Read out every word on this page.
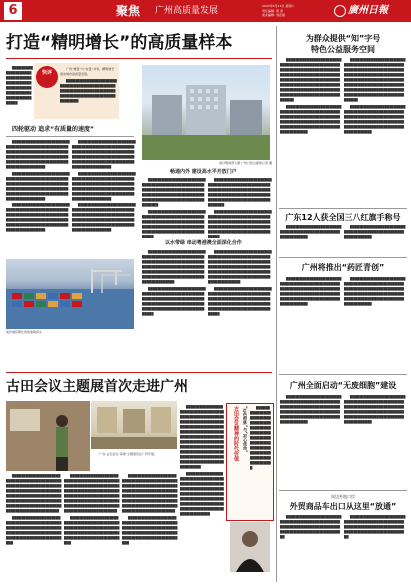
6	聚焦 广州高质量发展	2023年5月13日 星期六
责任编辑: 黄 清
美术编辑: 刘若丽	廣州日報
打造“精明增长”的高质量样本
快评

广州“增量”与“存量”并举，精明增长推动城市高质量发展。

██████████████████████████████████████████████████████████████████████████████████████████████████████

████████████████████████████████████████████████████████████████████████████████

四轮驱动 追求“有质量的速度”
南沙明珠湾大厦 广州日报全媒体记者 摄

██████████████████████████████████████████████████████████████████████████████████████████████████████████████████████████████████████████████████████

██████████████████████████████████████████████████████████████████████████████████████████████████████████████████████████████████████████████████████

██████████████████████████████████████████████████████████████████████████████████████████████████████████████████████████████████████████████████████

██████████████████████████████████████████████████████████████████████████████████████████████████████████████████████████████████████████████████████

██████████████████████████████████████████████████████████████████████████████████████████████████████████████████████████████████████████████████████

██████████████████████████████████████████████████████████████████████████████████████████████████████████████████████████████████████████████████████

畅通内外 建设高水平开放门户

████████████████████████████████████████████████████████████████████████████████████████████████████████████████████████████████████████████

██████████████████████████████████████████████████████████████████████████████████████████████████████████████████████████████████████████

████████████████████████████████████████████████████████████████████████████████████████████████████████████████████████████████████████████

██████████████████████████████████████████████████████████████████████████████████████████████████████████████████████████████████████████

以水带绿 串动粤港澳全面深化合作

██████████████████████████████████████████████████████████████████████████████████████████████████████████████████████████████████████████████████████████████████████████████

██████████████████████████████████████████████████████████████████████████████████████████████████████████████████████████████████████████

██████████████████████████████████████████████████████████████████████████████████████████████████████████████████████████████████████████████████████████████████████████████

██████████████████████████████████████████████████████████████████████████████████████████████████████████████████████████████████████████

南沙港区繁忙的集装箱码头
古田会议主题展首次走进广州

“广东·古田会议·铸魂”主题展览在广州开展。

████████████████████████████████████████████████████████████████████████████████████████████████████████████████████████████████████████████████████████████████████████████████████████████

████████████████████████████████████████████████████████████████████████████████████████████████████████████████████████

████████████████████████████████████████████████████████████████████████████████████████████████████████████████████████████████████████████████████████████████████████████████████████████

████████████████████████████████████████████████████████████████████████████████████████████████████████████████████████

████████████████████████████████████████████████████████████████████████████████████████████████████████████████████████████████████████████████████████████████████████████████████████████

████████████████████████████████████████████████████████████████████████████████████████████████████████████████████████

██████████████████████████████████████████████████████████████████████████████████████████████████████████████████████████████████████████████████████████████████████████████████████████████████████████████████████████████████████████

██████████████████████████████████████████████████████████████████████████████████████████████████████████████████████████████████████████████████████████████████

古田会议精神的时代价值	“红色根脉”与“初心使命”	██████████████████████████████████████████████████████████████████████████████████████████████████████████

为群众提供“知”字号
特色公益服务空间

████████████████████████████████████████████████████████████████████████████████████████████████████████████████████████████████████████████████████████████████████████████████████████████████████████████████████

████████████████████████████████████████████████████████████████████████████████████████████████████████████████████████████████████████████

████████████████████████████████████████████████████████████████████████████████████████████████████████████████████████████████████████████████████████████████████████████████████████████████████████████████████

████████████████████████████████████████████████████████████████████████████████████████████████████████████████████████████████████████████

广东12人获全国三八红旗手称号

██████████████████████████████████████████████████████████████

██████████████████████████████████████████████████████████████

广州将推出“药匠青创”

████████████████████████████████████████████████████████████████████████████████████████████████████████████████████████████████████████████

████████████████████████████████████████████████████████████████████████████████████████████████████████████████████████████████████████████

广州全面启动“无废细胞”建设

████████████████████████████████████████████████████████████████████████████████████████████████████████████████████████████████████████████

████████████████████████████████████████████████████████████████████████████████████████████████████████████████████████████████████████████

周边外地口岸
外贸商品车出口从这里“放通”

████████████████████████████████████████████████████████████████████████████████████████████████████████

████████████████████████████████████████████████████████████████████████████████████████████████████████
